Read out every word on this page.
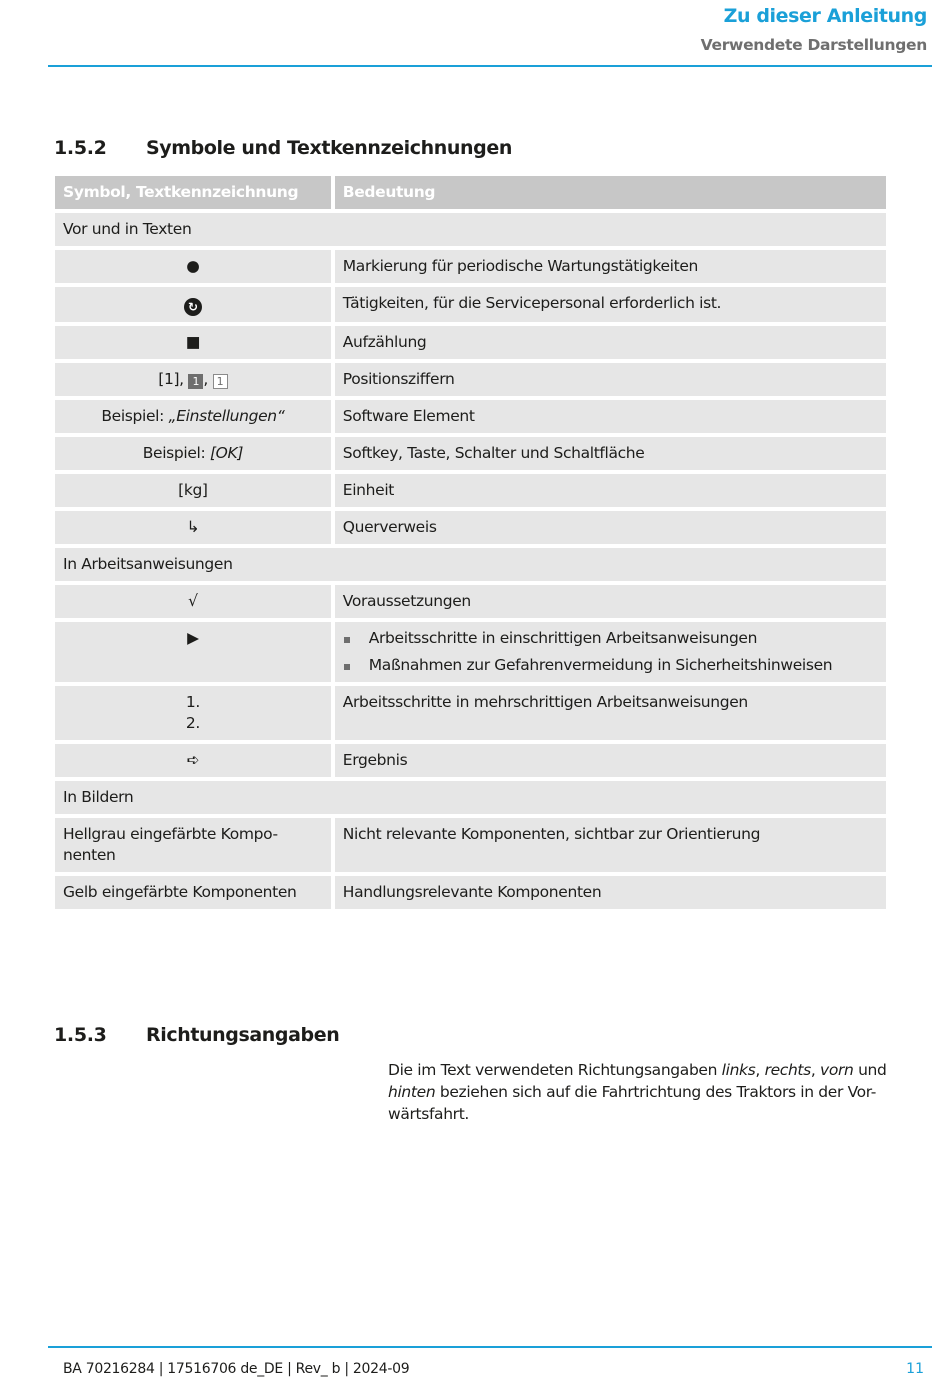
Zu dieser Anleitung
Verwendete Darstellungen
1.5.2 Symbole und Textkennzeichnungen
Symbol, Textkennzeichnung	Bedeutung
Vor und in Texten	
●	Markierung für periodische Wartungstätigkeiten
↻	Tätigkeiten, für die Servicepersonal erforderlich ist.
■	Aufzählung
[1], 1 , 1	Positionsziffern
Beispiel: „Einstellungen“	Software Element
Beispiel: [OK]	Softkey, Taste, Schalter und Schaltfläche
[kg]	Einheit
↳	Querverweis
In Arbeitsanweisungen	
√	Voraussetzungen
▶	Arbeitsschritte in einschrittigen Arbeitsanweisungen
Maßnahmen zur Gefahrenvermeidung in Sicherheitshinweisen

1.
2.	Arbeitsschritte in mehrschrittigen Arbeitsanweisungen
➪	Ergebnis
In Bildern	

Hellgrau eingefärbte Kompo-nenten	Nicht relevante Komponenten, sichtbar zur Orientierung
Gelb eingefärbte Komponenten	Handlungsrelevante Komponenten
1.5.3 Richtungsangaben
Die im Text verwendeten Richtungsangaben links, rechts, vorn und hinten beziehen sich auf die Fahrtrichtung des Traktors in der Vor-wärtsfahrt.
BA 70216284 | 17516706 de_DE | Rev_ b | 2024-09	11
